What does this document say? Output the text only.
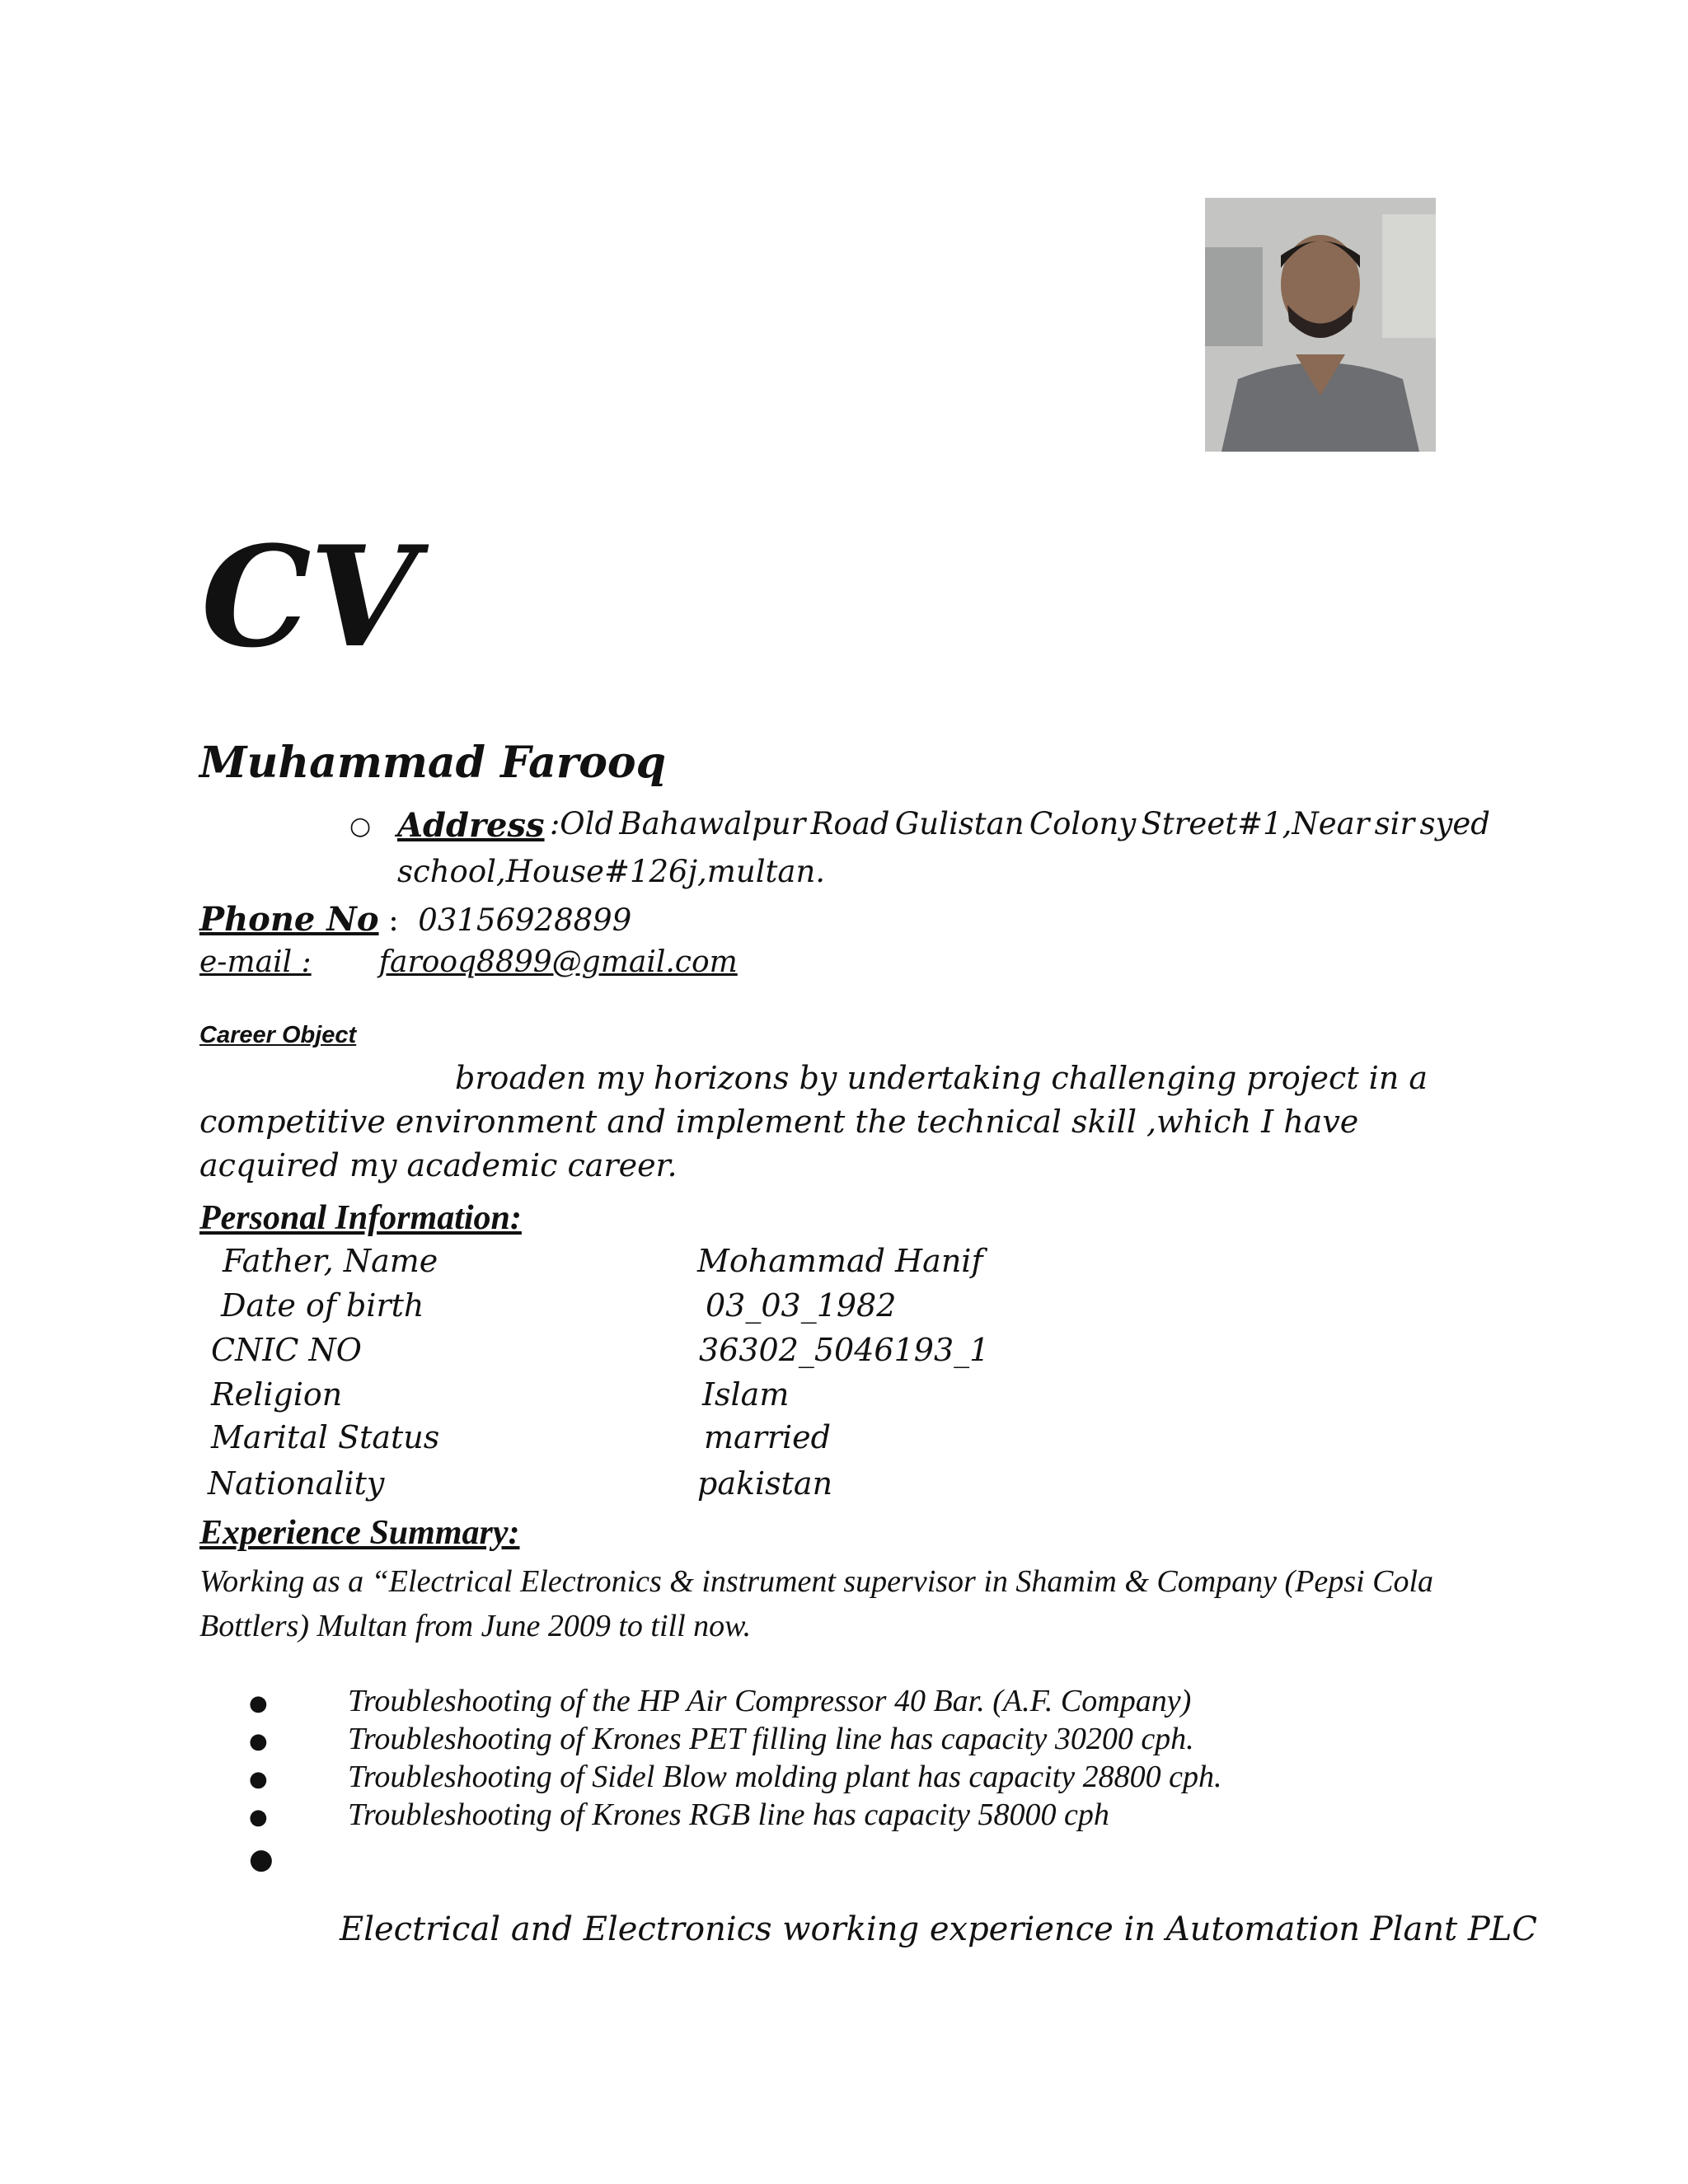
CV
Muhammad Farooq
○ Address :Old Bahawalpur Road Gulistan Colony Street#1,Near sir syed
school,House#126j,multan.
Phone No :  03156928899
e-mail : farooq8899@gmail.com
Career Object
broaden my horizons by undertaking challenging project in a competitive environment and implement the technical skill ,which I have acquired my academic career.
Personal Information:
Father, Name	Mohammad Hanif
Date of birth	03_03_1982
CNIC NO	36302_5046193_1
Religion	Islam
Marital Status	married
Nationality	pakistan
Experience Summary:
Working as a “Electrical Electronics & instrument supervisor in Shamim & Company (Pepsi Cola Bottlers) Multan from June 2009 to till now.
●	Troubleshooting of the HP Air Compressor 40 Bar. (A.F. Company)
●	Troubleshooting of Krones PET filling line has capacity 30200 cph.
●	Troubleshooting of Sidel Blow molding plant has capacity 28800 cph.
●	Troubleshooting of Krones RGB line has capacity 58000 cph
●
Electrical and Electronics working experience in Automation Plant PLC
